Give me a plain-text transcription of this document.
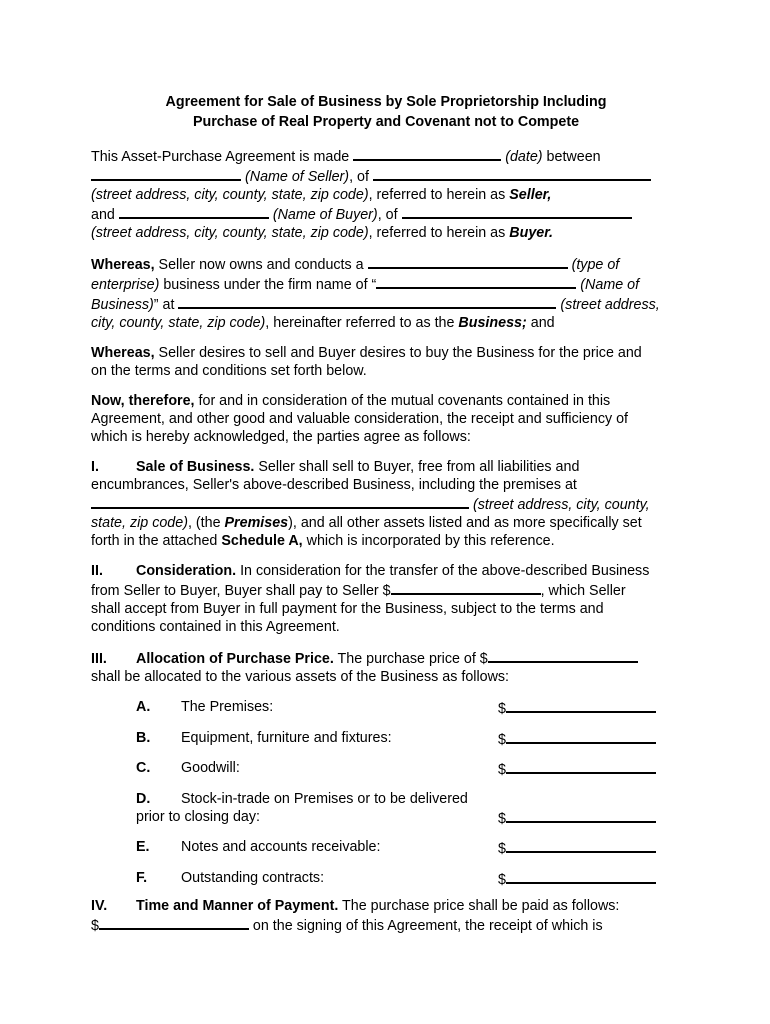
Agreement for Sale of Business by Sole Proprietorship Including
Purchase of Real Property and Covenant not to Compete
This Asset-Purchase Agreement is made	(date) between
(Name of Seller), of
(street address, city, county, state, zip code), referred to herein as Seller,
and	(Name of Buyer), of
(street address, city, county, state, zip code), referred to herein as Buyer.
Whereas, Seller now owns and conducts a	(type of
enterprise) business under the firm name of “	(Name of
Business)” at	(street address,
city, county, state, zip code), hereinafter referred to as the Business; and
Whereas, Seller desires to sell and Buyer desires to buy the Business for the price and
on the terms and conditions set forth below.
Now, therefore, for and in consideration of the mutual covenants contained in this
Agreement, and other good and valuable consideration, the receipt and sufficiency of
which is hereby acknowledged, the parties agree as follows:
I.	Sale of Business. Seller shall sell to Buyer, free from all liabilities and
encumbrances, Seller's above-described Business, including the premises at
(street address, city, county,
state, zip code), (the Premises), and all other assets listed and as more specifically set
forth in the attached Schedule A, which is incorporated by this reference.
II. Consideration. In consideration for the transfer of the above-described Business
from Seller to Buyer, Buyer shall pay to Seller $	, which Seller
shall accept from Buyer in full payment for the Business, subject to the terms and
conditions contained in this Agreement.
III. Allocation of Purchase Price. The purchase price of $
shall be allocated to the various assets of the Business as follows:
A. The Premises:	$
B. Equipment, furniture and fixtures:	$
C. Goodwill:	$
D. Stock-in-trade on Premises or to be delivered
prior to closing day:	$
E. Notes and accounts receivable:	$
F. Outstanding contracts:	$
IV. Time and Manner of Payment. The purchase price shall be paid as follows:
$	on the signing of this Agreement, the receipt of which is
